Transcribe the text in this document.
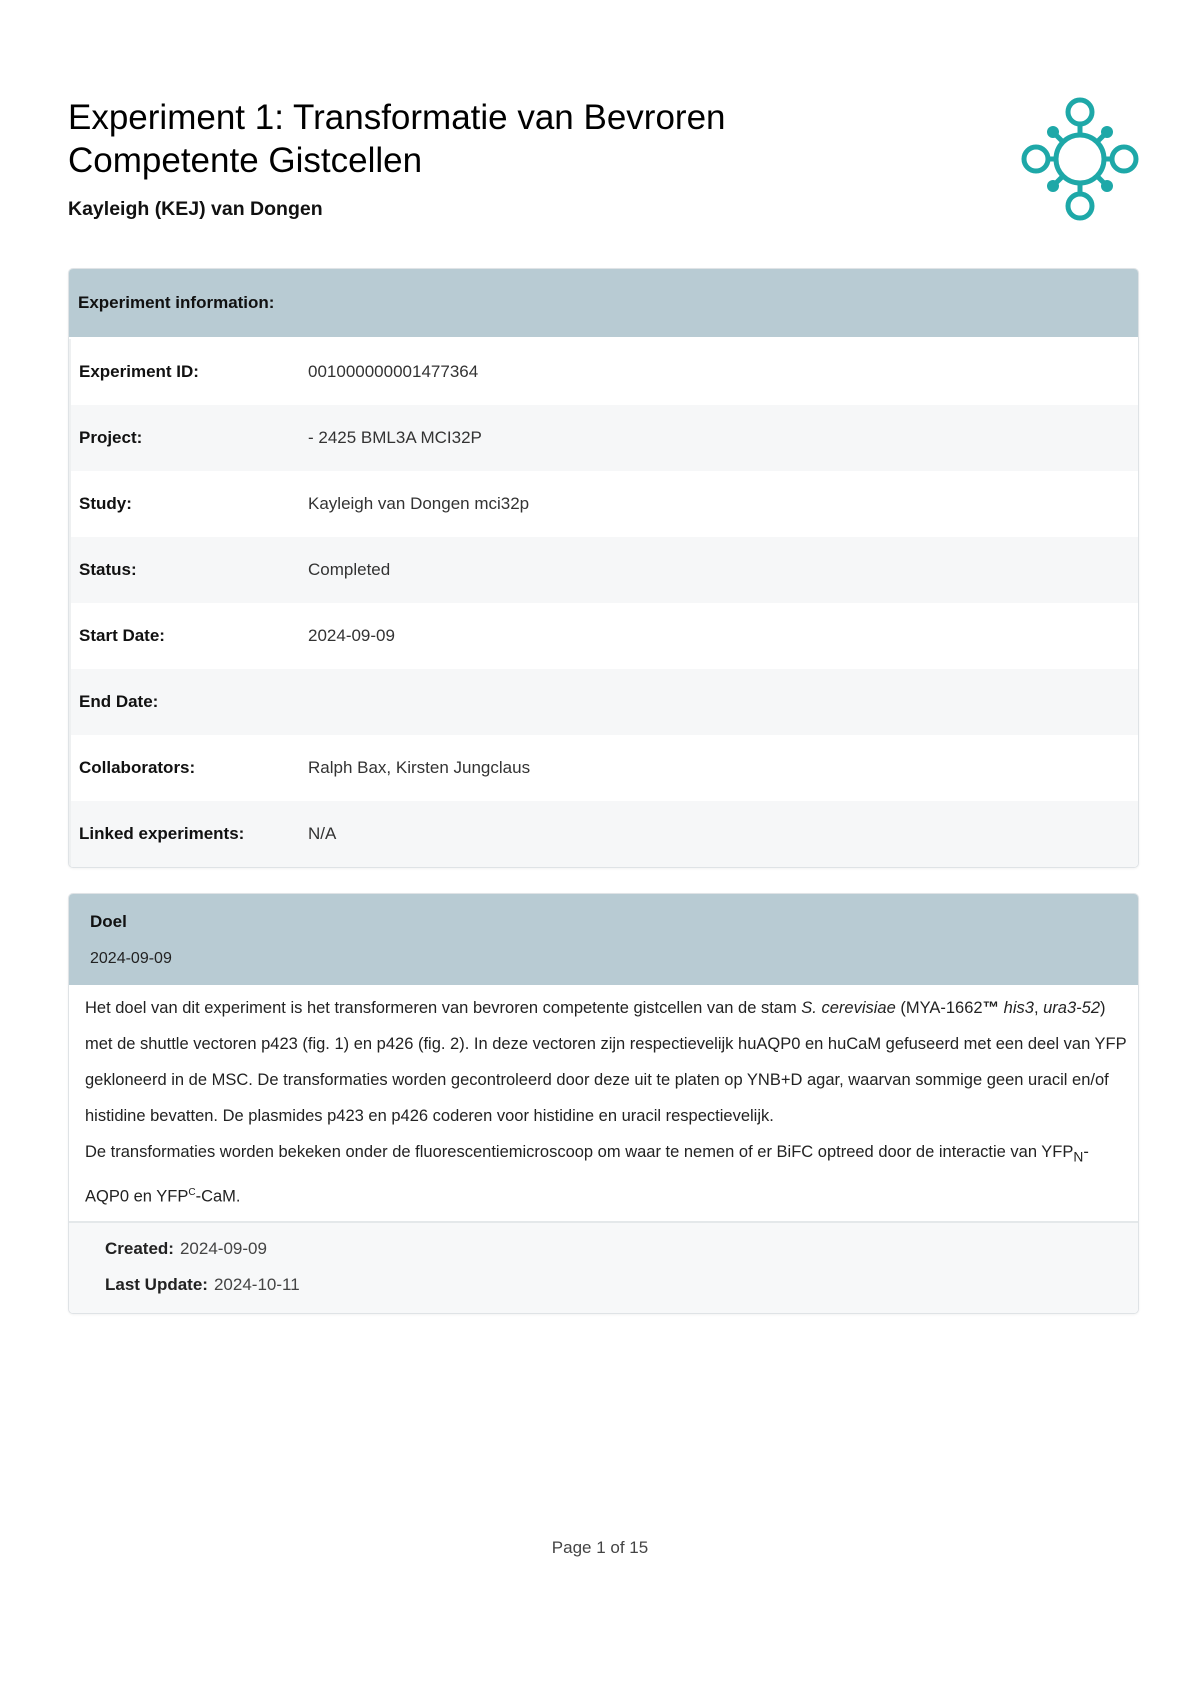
Experiment 1: Transformatie van Bevroren Competente Gistcellen
Kayleigh (KEJ) van Dongen
Experiment information:
Experiment ID:	001000000001477364
Project:	- 2425 BML3A MCI32P
Study:	Kayleigh van Dongen mci32p
Status:	Completed
Start Date:	2024-09-09
End Date:
Collaborators:	Ralph Bax, Kirsten Jungclaus
Linked experiments:	N/A
Doel
2024-09-09

Het doel van dit experiment is het transformeren van bevroren competente gistcellen van de stam S. cerevisiae (MYA-1662™ his3, ura3-52) met de shuttle vectoren p423 (fig. 1) en p426 (fig. 2). In deze vectoren zijn respectievelijk huAQP0 en huCaM gefuseerd met een deel van YFP gekloneerd in de MSC. De transformaties worden gecontroleerd door deze uit te platen op YNB+D agar, waarvan sommige geen uracil en/of histidine bevatten. De plasmides p423 en p426 coderen voor histidine en uracil respectievelijk.

De transformaties worden bekeken onder de fluorescentiemicroscoop om waar te nemen of er BiFC optreed door de interactie van $YFP_N-AQP0$ en $YFP^C$-CaM.

Created: 2024-09-09
Last Update: 2024-10-11
Page 1 of 15
